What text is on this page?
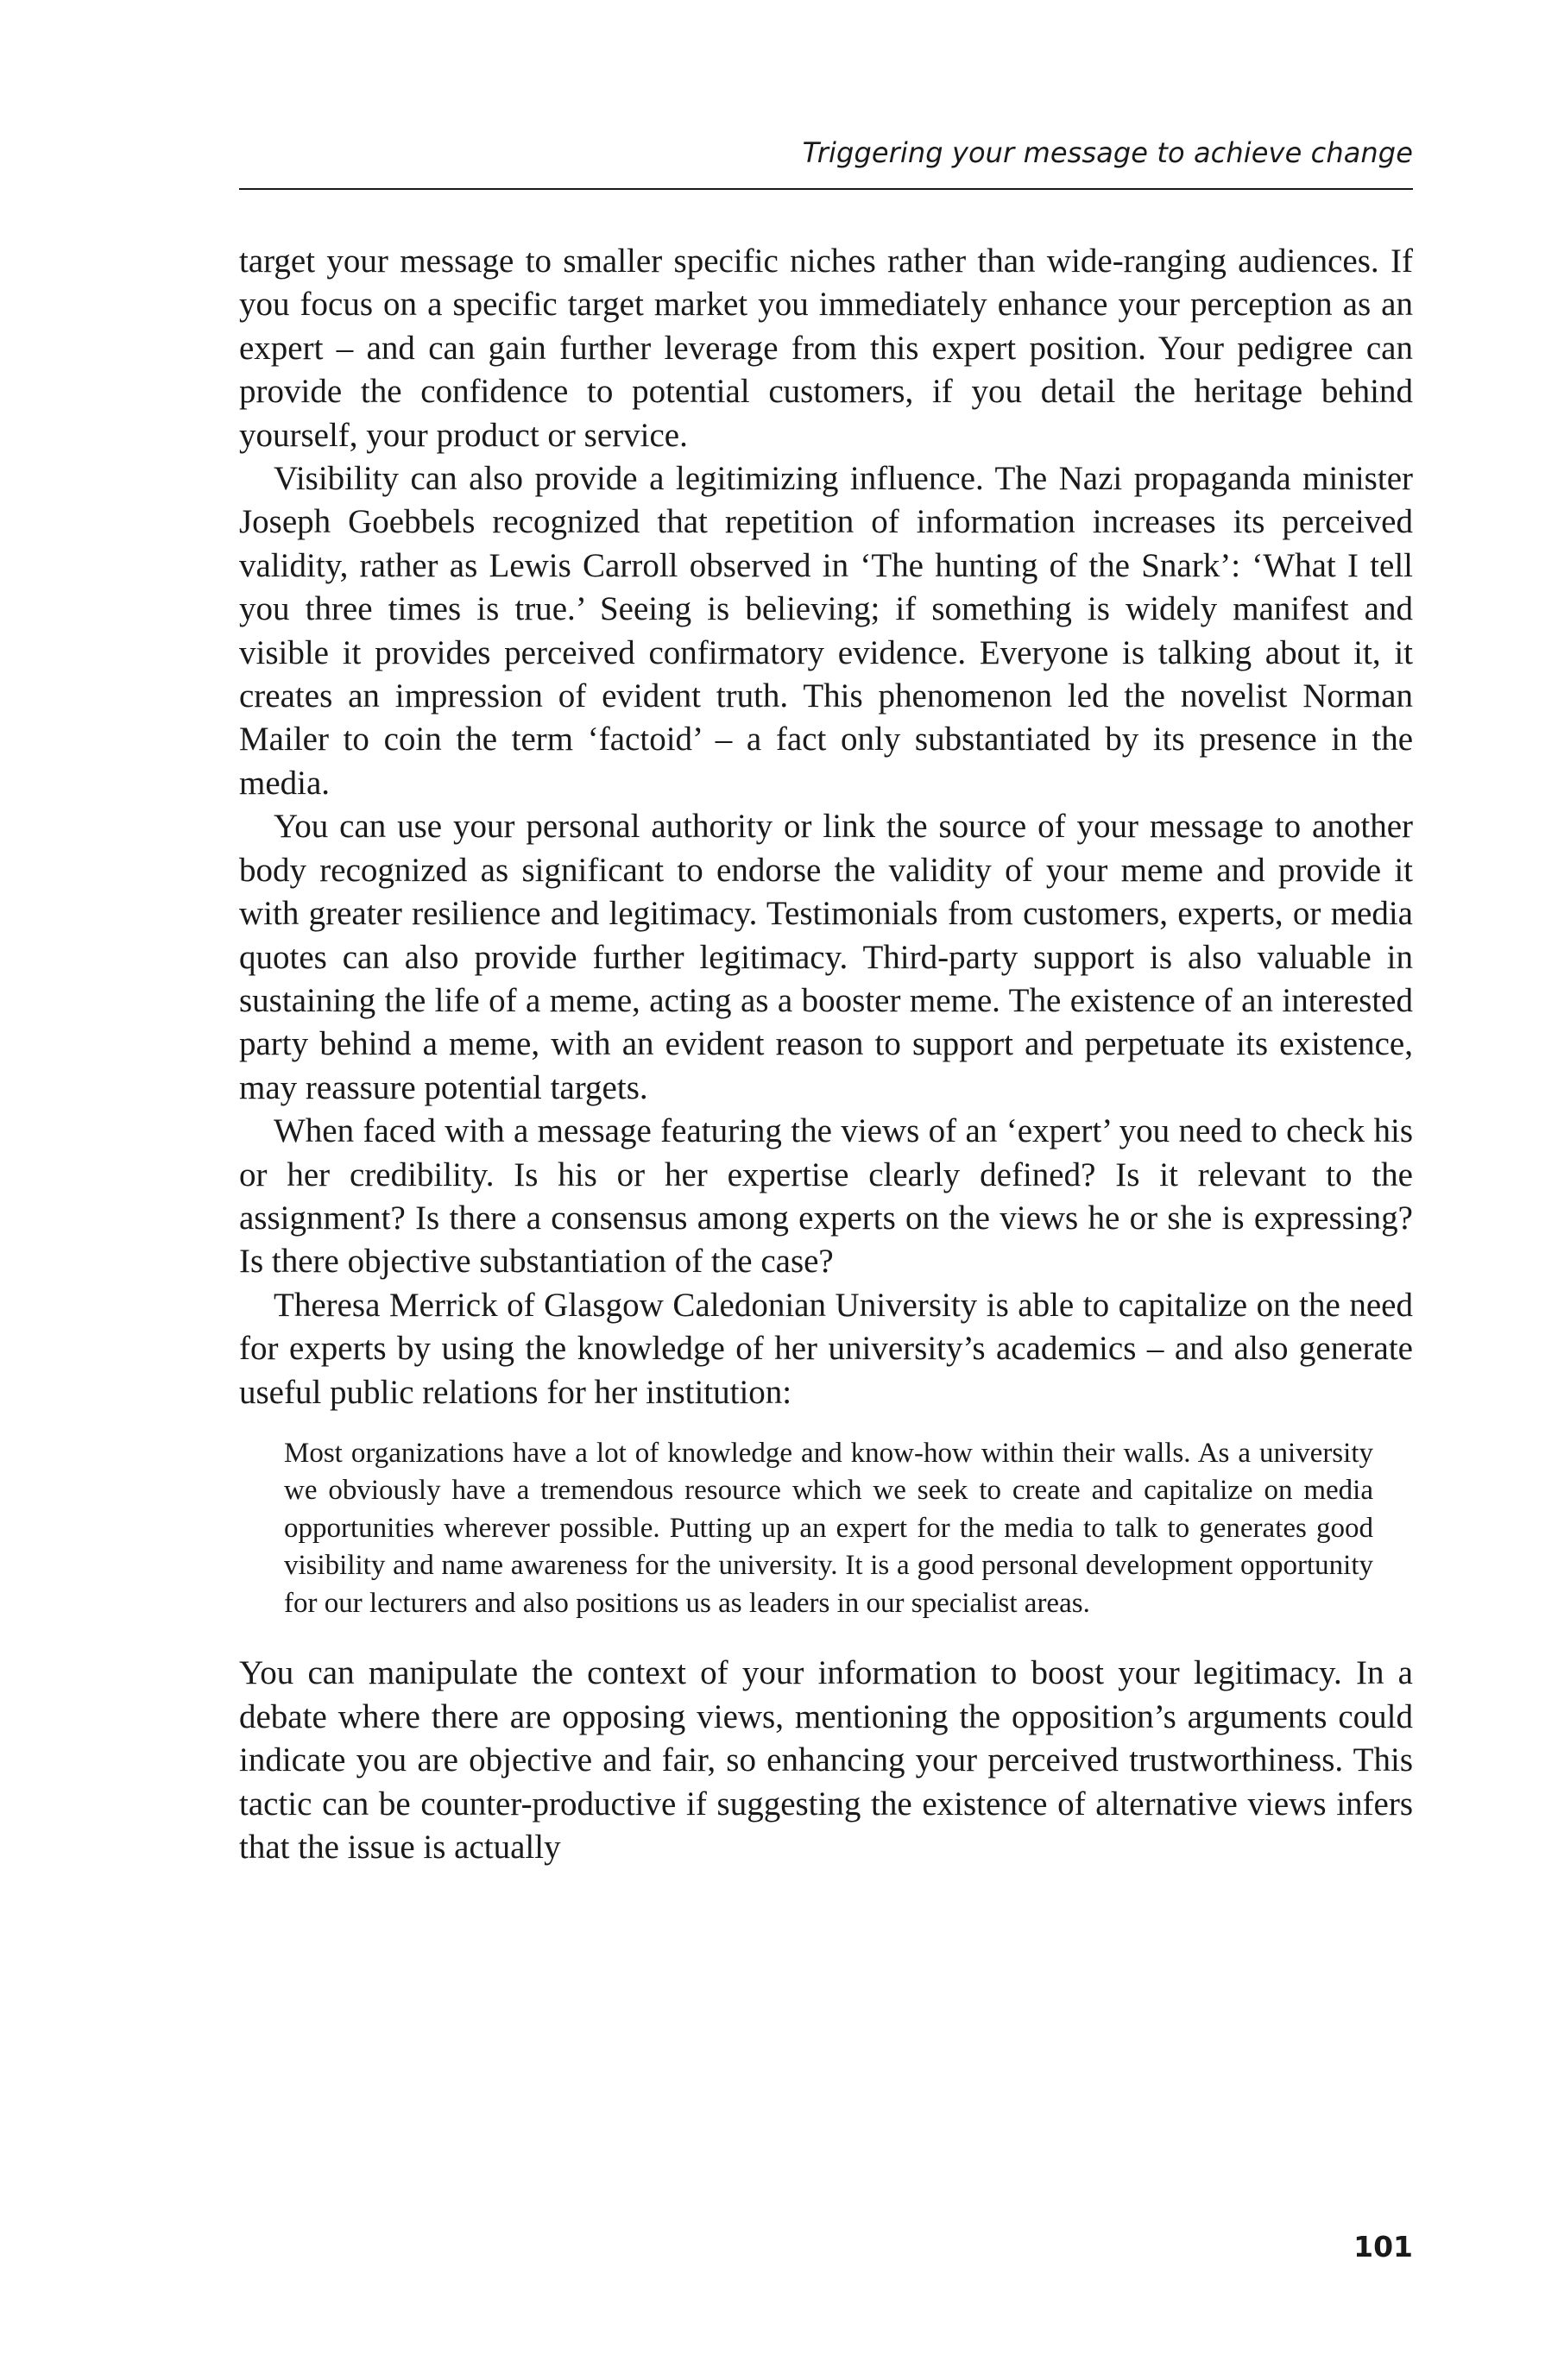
Triggering your message to achieve change

target your message to smaller specific niches rather than wide-ranging audiences. If you focus on a specific target market you immediately enhance your perception as an expert – and can gain further leverage from this expert position. Your pedigree can provide the confidence to potential customers, if you detail the heritage behind yourself, your product or service.

Visibility can also provide a legitimizing influence. The Nazi propaganda minister Joseph Goebbels recognized that repetition of information increases its perceived validity, rather as Lewis Carroll observed in ‘The hunting of the Snark’: ‘What I tell you three times is true.’ Seeing is believing; if something is widely manifest and visible it provides perceived confirmatory evidence. Everyone is talking about it, it creates an impression of evident truth. This phenomenon led the novelist Norman Mailer to coin the term ‘factoid’ – a fact only substantiated by its presence in the media.

You can use your personal authority or link the source of your message to another body recognized as significant to endorse the validity of your meme and provide it with greater resilience and legitimacy. Testimonials from customers, experts, or media quotes can also provide further legitimacy. Third-party support is also valuable in sustaining the life of a meme, acting as a booster meme. The existence of an interested party behind a meme, with an evident reason to support and perpetuate its existence, may reassure potential targets.

When faced with a message featuring the views of an ‘expert’ you need to check his or her credibility. Is his or her expertise clearly defined? Is it relevant to the assignment? Is there a consensus among experts on the views he or she is expressing? Is there objective substantiation of the case?

Theresa Merrick of Glasgow Caledonian University is able to capitalize on the need for experts by using the knowledge of her university’s academics – and also generate useful public relations for her institution:

Most organizations have a lot of knowledge and know-how within their walls. As a university we obviously have a tremendous resource which we seek to create and capitalize on media opportunities wherever possible. Putting up an expert for the media to talk to generates good visibility and name awareness for the university. It is a good personal development opportunity for our lecturers and also positions us as leaders in our specialist areas.

You can manipulate the context of your information to boost your legitimacy. In a debate where there are opposing views, mentioning the opposition’s arguments could indicate you are objective and fair, so enhancing your perceived trustworthiness. This tactic can be counter-productive if suggesting the existence of alternative views infers that the issue is actually

101
